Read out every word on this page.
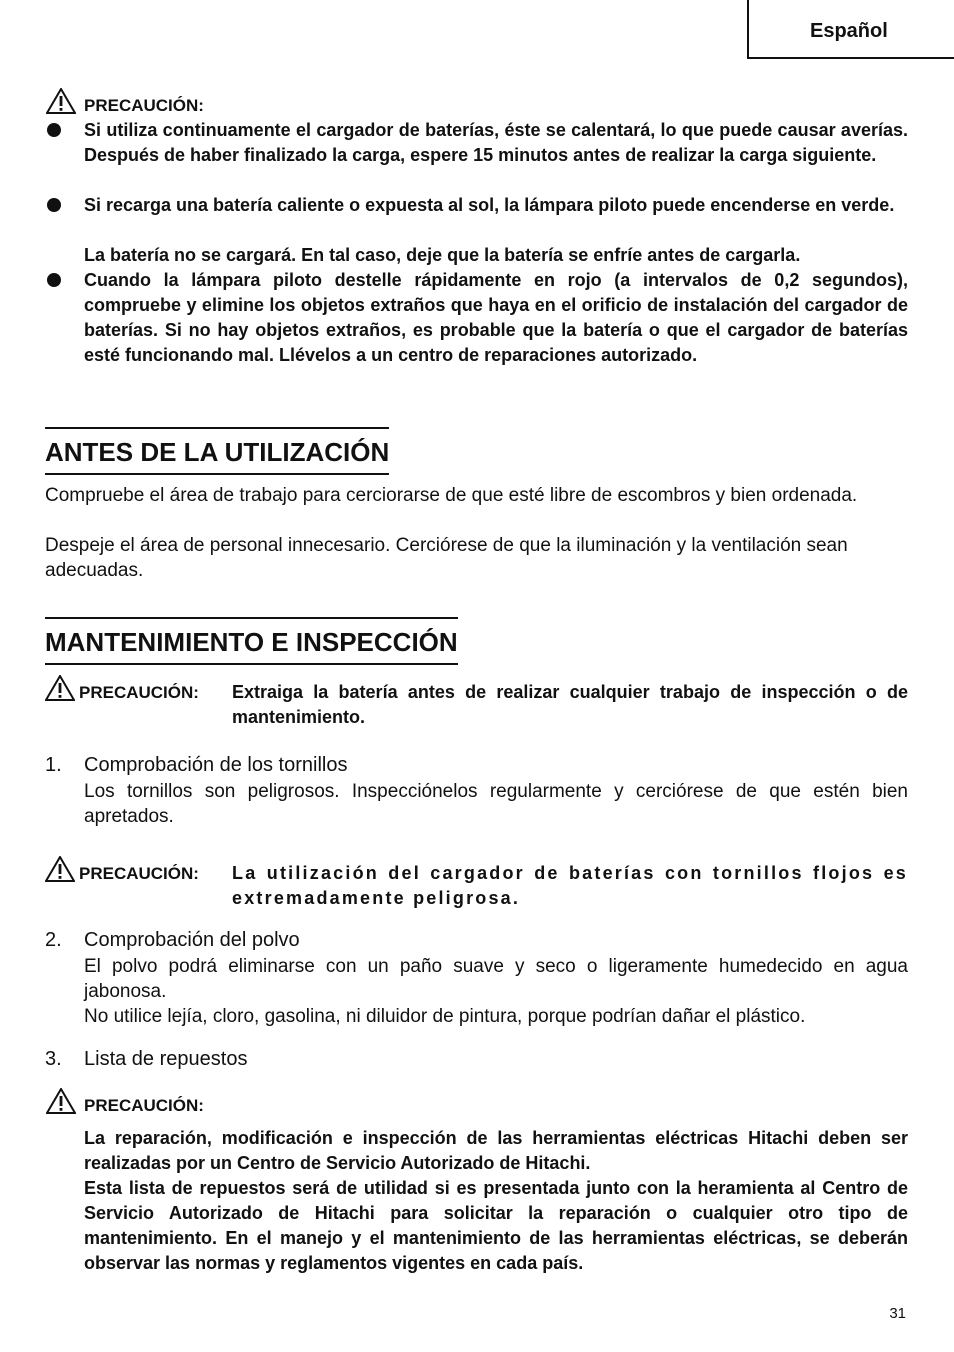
Español
PRECAUCIÓN:
Si utiliza continuamente el cargador de baterías, éste se calentará, lo que puede causar averías. Después de haber finalizado la carga, espere 15 minutos antes de realizar la carga siguiente.
Si recarga una batería caliente o expuesta al sol, la lámpara piloto puede encenderse en verde.
La batería no se cargará. En tal caso, deje que la batería se enfríe antes de cargarla.
Cuando la lámpara piloto destelle rápidamente en rojo (a intervalos de 0,2 segundos), compruebe y elimine los objetos extraños que haya en el orificio de instalación del cargador de baterías. Si no hay objetos extraños, es probable que la batería o que el cargador de baterías esté funcionando mal. Llévelos a un centro de reparaciones autorizado.
ANTES DE LA UTILIZACIÓN
Compruebe el área de trabajo para cerciorarse de que esté libre de escombros y bien ordenada.
Despeje el área de personal innecesario. Cerciórese de que la iluminación y la ventilación sean adecuadas.
MANTENIMIENTO E INSPECCIÓN
PRECAUCIÓN: Extraiga la batería antes de realizar cualquier trabajo de inspección o de mantenimiento.
1. Comprobación de los tornillos
Los tornillos son peligrosos. Inspecciónelos regularmente y cerciórese de que estén bien apretados.
PRECAUCIÓN: La utilización del cargador de baterías con tornillos flojos es extremadamente peligrosa.
2. Comprobación del polvo
El polvo podrá eliminarse con un paño suave y seco o ligeramente humedecido en agua jabonosa.
No utilice lejía, cloro, gasolina, ni diluidor de pintura, porque podrían dañar el plástico.
3. Lista de repuestos
PRECAUCIÓN:
La reparación, modificación e inspección de las herramientas eléctricas Hitachi deben ser realizadas por un Centro de Servicio Autorizado de Hitachi.
Esta lista de repuestos será de utilidad si es presentada junto con la heramienta al Centro de Servicio Autorizado de Hitachi para solicitar la reparación o cualquier otro tipo de mantenimiento. En el manejo y el mantenimiento de las herramientas eléctricas, se deberán observar las normas y reglamentos vigentes en cada país.
31
